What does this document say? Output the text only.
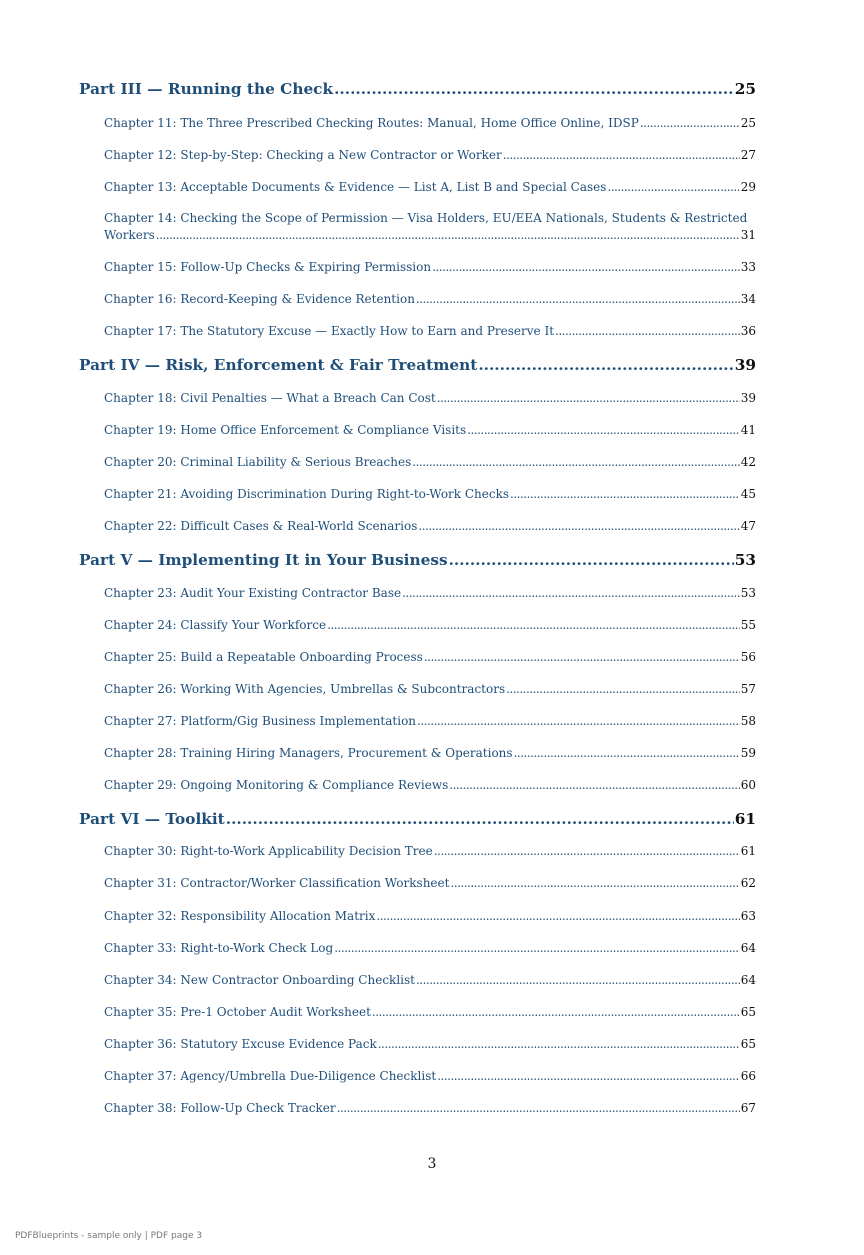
Part III — Running the Check .....	25
Chapter 11: The Three Prescribed Checking Routes: Manual, Home Office Online, IDSP .....	25
Chapter 12: Step-by-Step: Checking a New Contractor or Worker .....	27
Chapter 13: Acceptable Documents & Evidence — List A, List B and Special Cases .....	29
Chapter 14: Checking the Scope of Permission — Visa Holders, EU/EEA Nationals, Students & Restricted
Workers .....	31
Chapter 15: Follow-Up Checks & Expiring Permission .....	33
Chapter 16: Record-Keeping & Evidence Retention .....	34
Chapter 17: The Statutory Excuse — Exactly How to Earn and Preserve It .....	36
Part IV — Risk, Enforcement & Fair Treatment .....	39
Chapter 18: Civil Penalties — What a Breach Can Cost .....	39
Chapter 19: Home Office Enforcement & Compliance Visits .....	41
Chapter 20: Criminal Liability & Serious Breaches .....	42
Chapter 21: Avoiding Discrimination During Right-to-Work Checks .....	45
Chapter 22: Difficult Cases & Real-World Scenarios .....	47
Part V — Implementing It in Your Business .....	53
Chapter 23: Audit Your Existing Contractor Base .....	53
Chapter 24: Classify Your Workforce .....	55
Chapter 25: Build a Repeatable Onboarding Process .....	56
Chapter 26: Working With Agencies, Umbrellas & Subcontractors .....	57
Chapter 27: Platform/Gig Business Implementation .....	58
Chapter 28: Training Hiring Managers, Procurement & Operations .....	59
Chapter 29: Ongoing Monitoring & Compliance Reviews .....	60
Part VI — Toolkit .....	61
Chapter 30: Right-to-Work Applicability Decision Tree .....	61
Chapter 31: Contractor/Worker Classification Worksheet .....	62
Chapter 32: Responsibility Allocation Matrix .....	63
Chapter 33: Right-to-Work Check Log .....	64
Chapter 34: New Contractor Onboarding Checklist .....	64
Chapter 35: Pre-1 October Audit Worksheet .....	65
Chapter 36: Statutory Excuse Evidence Pack .....	65
Chapter 37: Agency/Umbrella Due-Diligence Checklist .....	66
Chapter 38: Follow-Up Check Tracker .....	67
3
PDFBlueprints - sample only | PDF page 3
